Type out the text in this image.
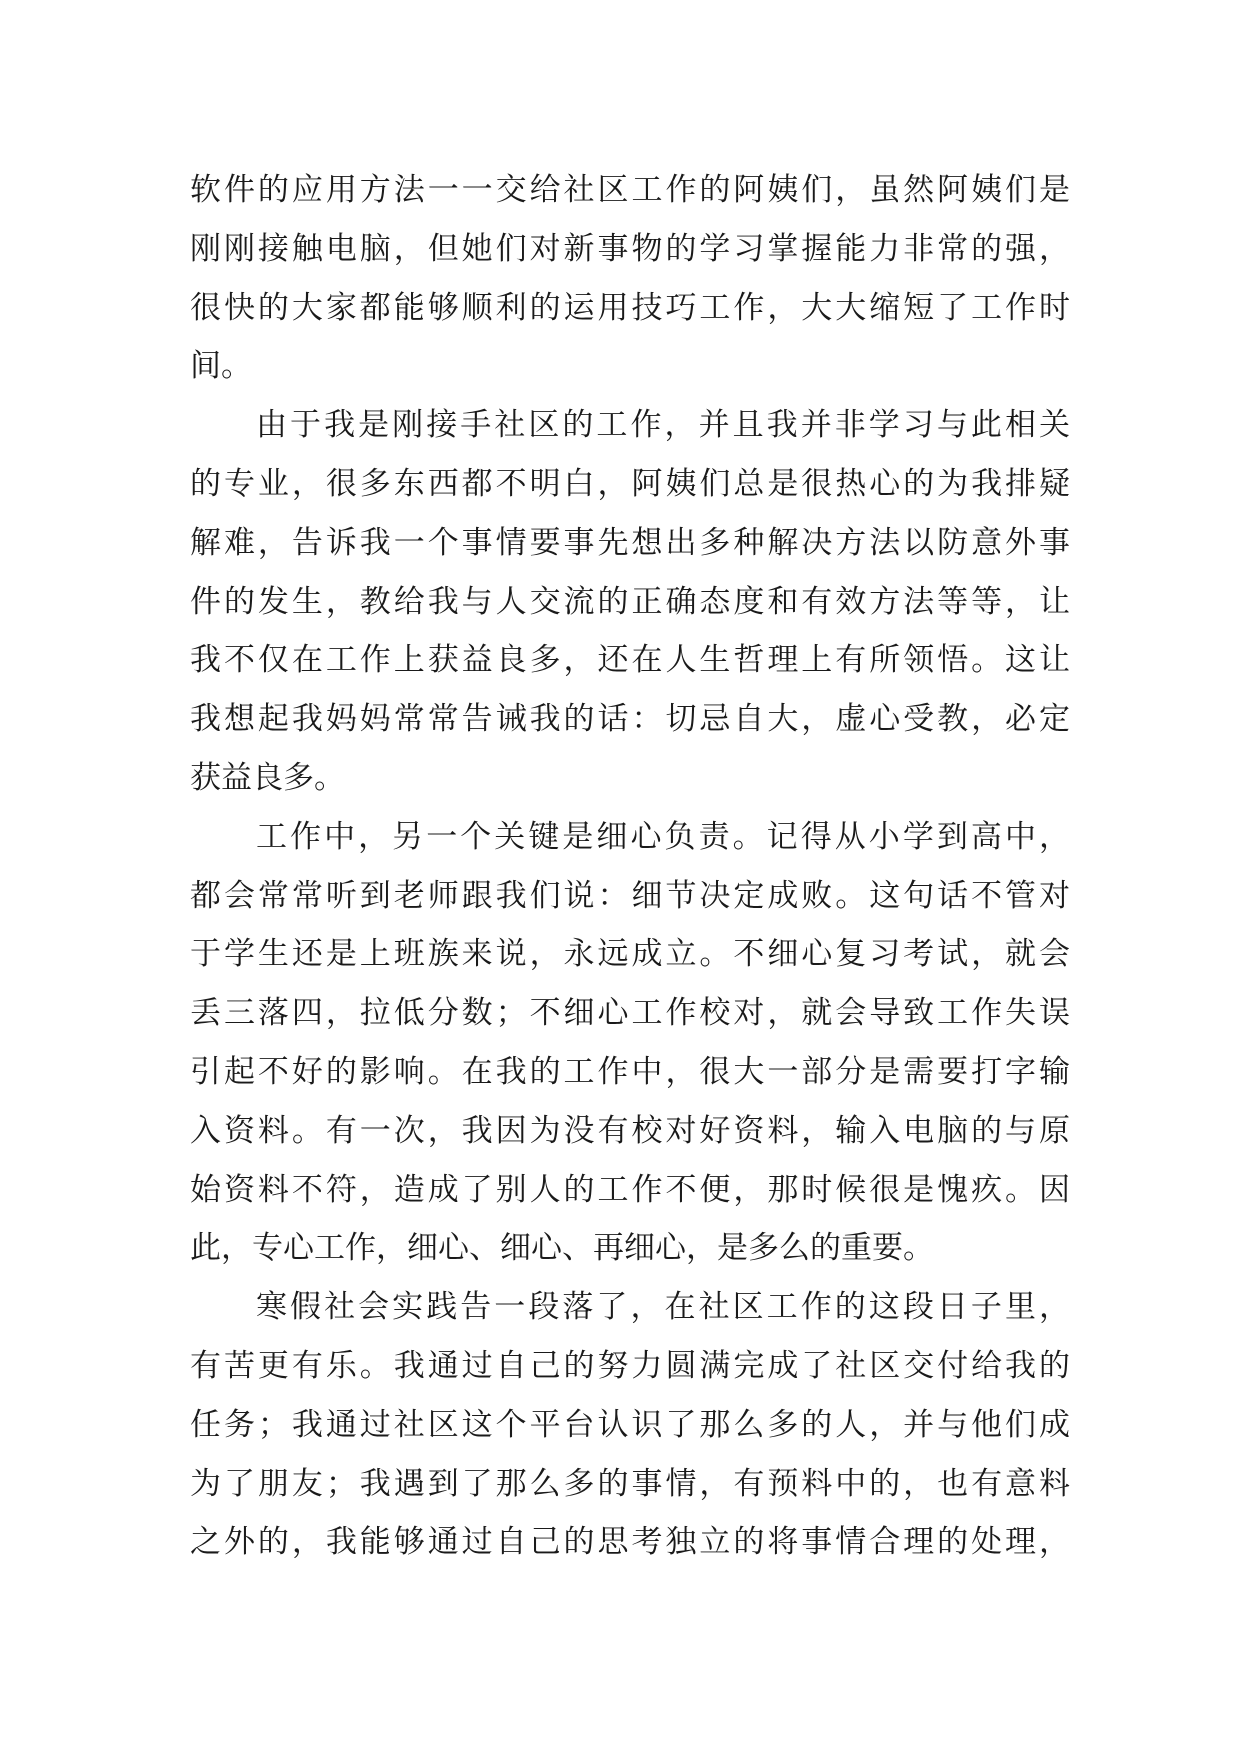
软件的应用方法一一交给社区工作的阿姨们，虽然阿姨们是
刚刚接触电脑，但她们对新事物的学习掌握能力非常的强，
很快的大家都能够顺利的运用技巧工作，大大缩短了工作时
间。
由于我是刚接手社区的工作，并且我并非学习与此相关
的专业，很多东西都不明白，阿姨们总是很热心的为我排疑
解难，告诉我一个事情要事先想出多种解决方法以防意外事
件的发生，教给我与人交流的正确态度和有效方法等等，让
我不仅在工作上获益良多，还在人生哲理上有所领悟。这让
我想起我妈妈常常告诫我的话：切忌自大，虚心受教，必定
获益良多。
工作中，另一个关键是细心负责。记得从小学到高中，
都会常常听到老师跟我们说：细节决定成败。这句话不管对
于学生还是上班族来说，永远成立。不细心复习考试，就会
丢三落四，拉低分数；不细心工作校对，就会导致工作失误
引起不好的影响。在我的工作中，很大一部分是需要打字输
入资料。有一次，我因为没有校对好资料，输入电脑的与原
始资料不符，造成了别人的工作不便，那时候很是愧疚。因
此，专心工作，细心、细心、再细心，是多么的重要。
寒假社会实践告一段落了，在社区工作的这段日子里，
有苦更有乐。我通过自己的努力圆满完成了社区交付给我的
任务；我通过社区这个平台认识了那么多的人，并与他们成
为了朋友；我遇到了那么多的事情，有预料中的，也有意料
之外的，我能够通过自己的思考独立的将事情合理的处理，
